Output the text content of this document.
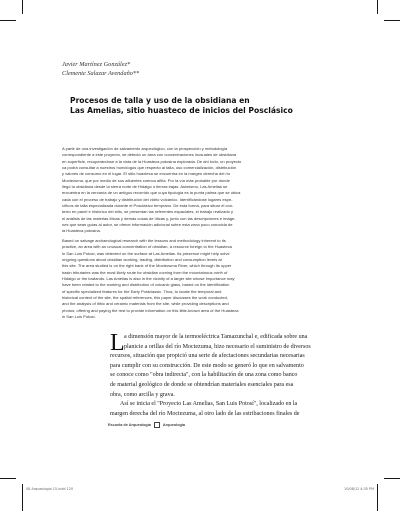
Javier Martínez González*
Clemente Salazar Avendaño**
Procesos de talla y uso de la obsidiana en
Las Amelias, sitio huasteco de inicios del Posclásico
A partir de una investigación de salvamento arqueológico, con la prospección y metodología
correspondiente a este proyecto, se detectó un área con concentraciones inusuales de obsidiana
en superficie, recuperándose a la vista de la Huasteca potosina explorada. De ahí todo, un proyecto
ca podrá consultar a nuestros homólogos que respecto al talla, uso comercialización, distribución
y valores de consumo en el lugar. El sitio huaxteca se encuentra en la margen derecha del río
Moctezuma, que por medio de sus afluentes cuenca añila. Por la vía más probable por donde
llegó la obsidiana desde la sierra norte de Hidalgo o tierras bajas. Asimismo, Las Amelias se
encuentra en la cercanía de un antiguo recorrido que cuya tipología es la punta palma que se ubica
cada con el proceso de trabajo y distribución del vidrio volcánico. Identificándose lugares espe-
cíficos de talla especializada durante el Posclásico temprano. De esta forma, para situar el con-
texto en panel e histórico del sitio, se presentan las referentes espaciales, el trabajo realizado y
el análisis de las materias líticas y demás cosas de líticas y, junto con las descripciones e imáge-
nes que sean guías al autor, se ofrece información adicional sobre esta zona poco conocida de
la Huasteca potosina.
Based on salvage archaeological research with the lessons and methodology inherent to its
practice, an area with an unusual concentration of obsidian, a resource foreign to the Huasteca
in San Luis Potosí, was detected on the surface at Las Amelias. Its presence might help solve
ongoing questions about obsidian working, trading, distribution and consumption levels at
this site. The area studied is on the right bank of the Moctezuma River, which through its upper
basin tributaries was the most likely route for obsidian coming from the mountainous north of
Hidalgo or the lowlands. Las Amelias is also in the vicinity of a larger site whose importance may
have been related to the working and distribution of volcanic glass, based on the identification
of specific specialized features for the Early Postclassic. Thus, to locate the temporal and
historical context of the site, the spatial references, this paper discusses the work conducted,
and the analysis of lithic and ceramic materials from the site, while providing descriptions and
photos; offering and paying the rest to provide information on this little-known area of the Huasteca
in San Luis Potosí.
L a dimensión mayor de la termoeléctrica Tamazunchal e, edificada sobre una
planicie a orillas del río Moctezuma, hizo necesario el suministro de diversos
recursos, situación que propició una serie de afectaciones secundarias necesarias
para cumplir con su construcción. De este modo se generó lo que en salvamento
se conoce como "obra indirecta", con la habilitación de una zona como banco
de material geológico de donde se obtendrían materiales esenciales para esa
obra, como arcilla y grava.
Así se inicia el "Proyecto Las Amelias, San Luis Potosí", localizado en la
margen derecha del río Moctezuma, al otro lado de las estribaciones finales de
Escuela de Arqueología	Arqueología
08 Arqueologia 15.indd 120	10/08/12 4:35 PM
